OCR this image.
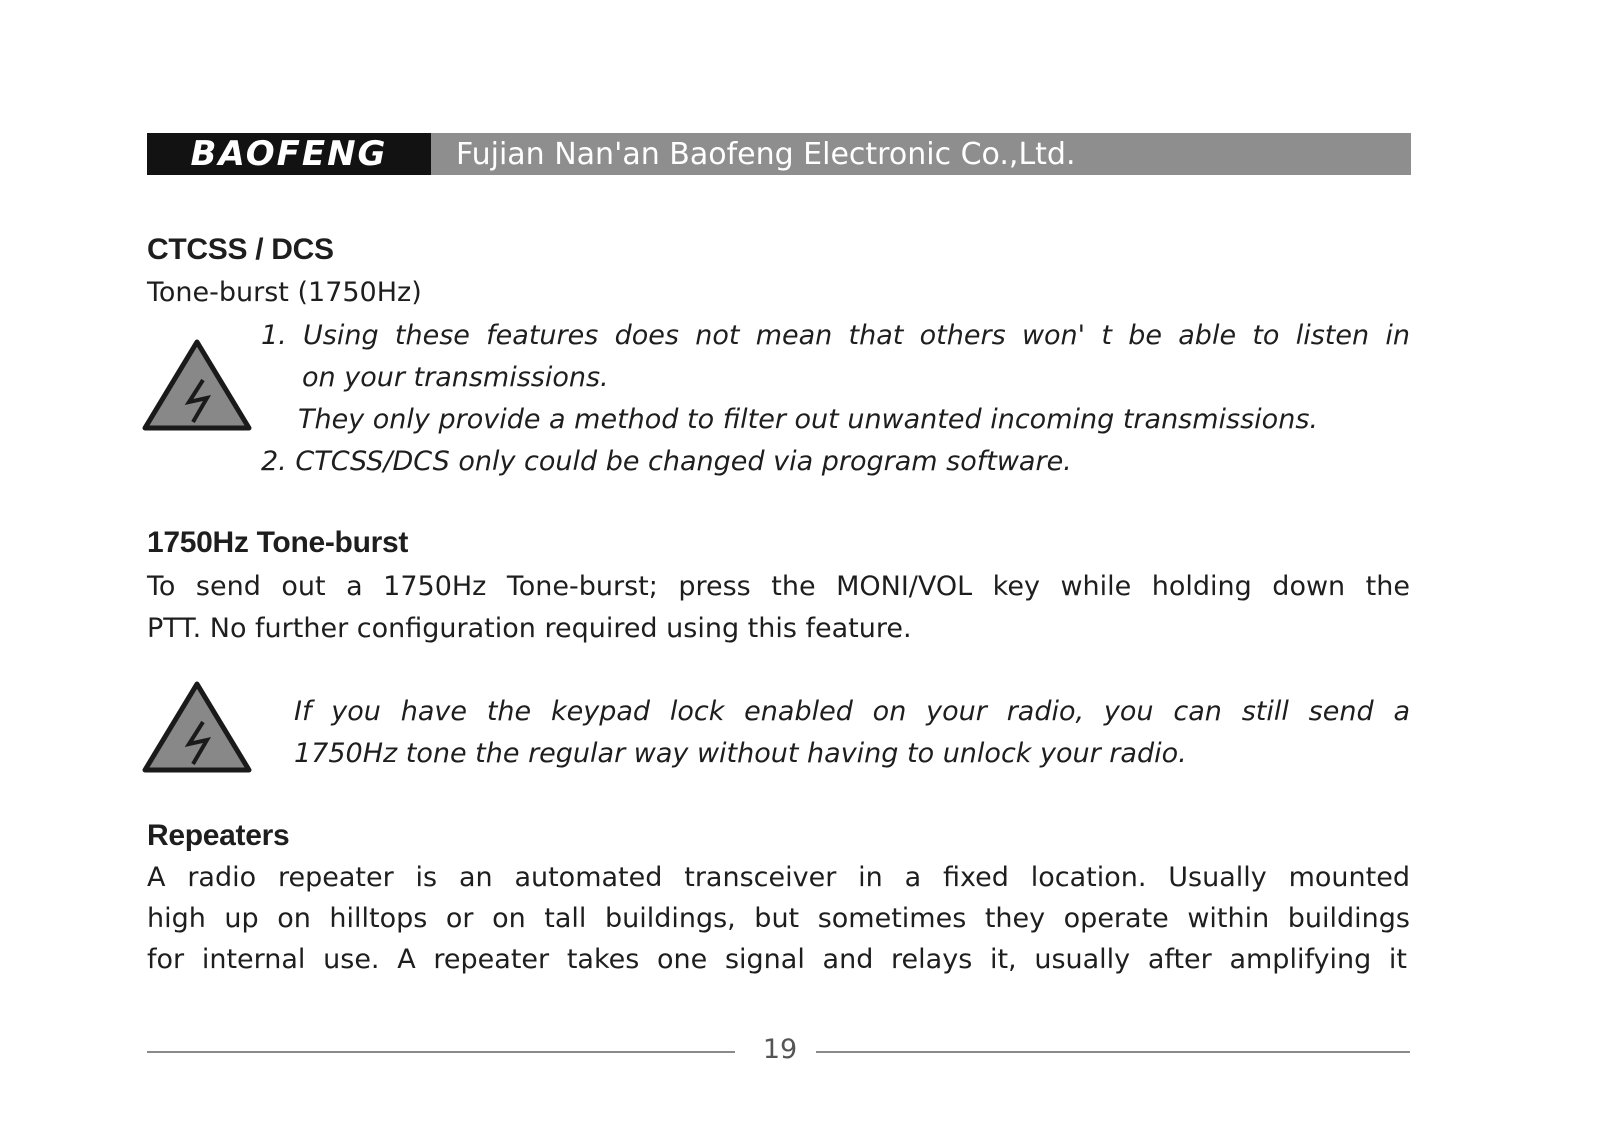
BAOFENG	Fujian Nan'an Baofeng Electronic Co.,Ltd.
CTCSS / DCS
Tone-burst (1750Hz)
1. Using these features does not mean that others won' t be able to listen in
on your transmissions.
They only provide a method to filter out unwanted incoming transmissions.
2. CTCSS/DCS only could be changed via program software.
1750Hz Tone-burst
To send out a 1750Hz Tone-burst; press the MONI/VOL key while holding down the
PTT. No further configuration required using this feature.
If you have the keypad lock enabled on your radio, you can still send a
1750Hz tone the regular way without having to unlock your radio.
Repeaters
A radio repeater is an automated transceiver in a fixed location. Usually mounted
high up on hilltops or on tall buildings, but sometimes they operate within buildings
for internal use. A repeater takes one signal and relays it, usually after amplifying it
19
